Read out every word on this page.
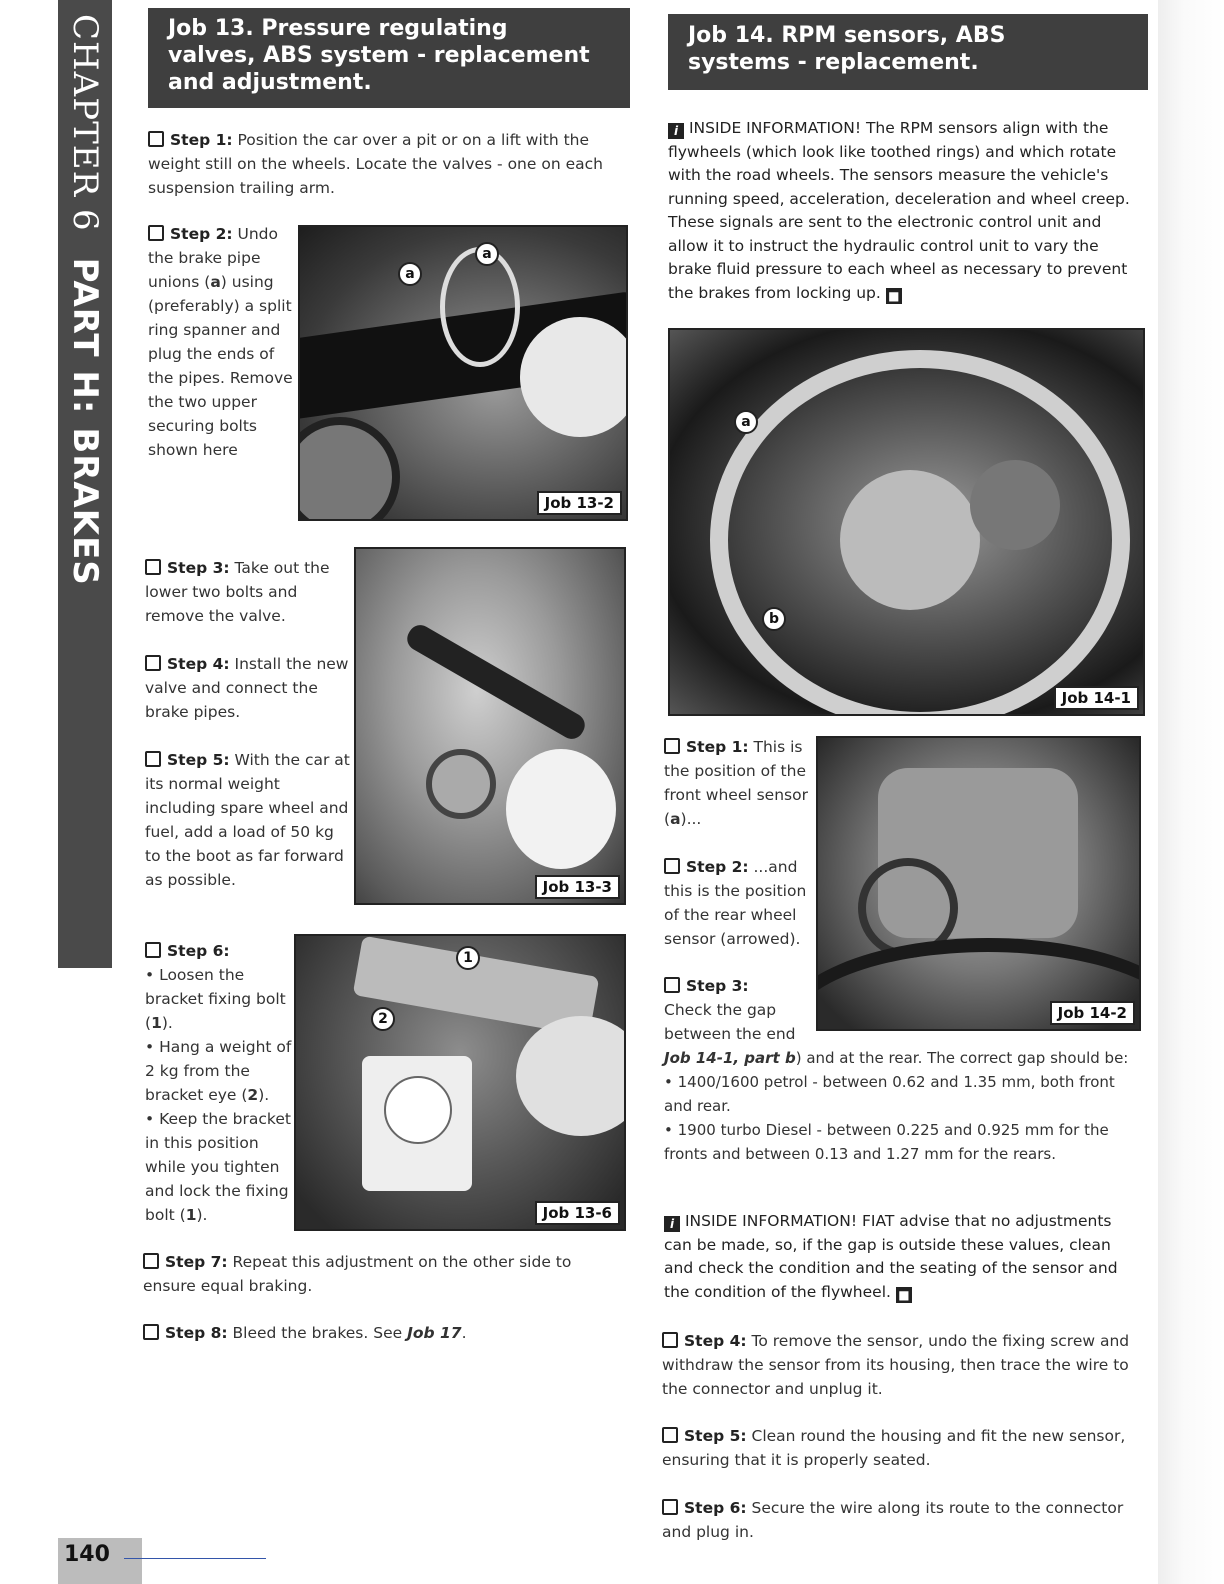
CHAPTER 6
PART H: BRAKES
Job 13. Pressure regulating
valves, ABS system - replacement
and adjustment.
Step 1: Position the car over a pit or on a lift with the weight still on the wheels. Locate the valves - one on each suspension trailing arm.
Step 2: Undo
the brake pipe
unions (a) using
(preferably) a split
ring spanner and
plug the ends of
the pipes. Remove
the two upper
securing bolts
shown here
a
a
Job 13-2
Step 3: Take out the lower two bolts and remove the valve.
Step 4: Install the new valve and connect the brake pipes.
Step 5: With the car at its normal weight including spare wheel and fuel, add a load of 50 kg to the boot as far forward as possible.	Job 13-3
Step 6:
• Loosen the bracket fixing bolt (1).
• Hang a weight of 2 kg from the bracket eye (2).
• Keep the bracket in this position while you tighten and lock the fixing bolt (1).
1
2
Job 13-6
Step 7: Repeat this adjustment on the other side to ensure equal braking.
Step 8: Bleed the brakes. See Job 17.
Job 14. RPM sensors, ABS
systems - replacement.
i INSIDE INFORMATION! The RPM sensors align with the flywheels (which look like toothed rings) and which rotate with the road wheels. The sensors measure the vehicle's running speed, acceleration, deceleration and wheel creep. These signals are sent to the electronic control unit and allow it to instruct the hydraulic control unit to vary the brake fluid pressure to each wheel as necessary to prevent the brakes from locking up. ■
a
b
Job 14-1
Step 1: This is the position of the front wheel sensor (a)...
Step 2: ...and this is the position of the rear wheel sensor (arrowed).
Job 14-2
Step 3:
Check the gap between the end
Job 14-1, part b) and at the rear. The correct gap should be:
• 1400/1600 petrol - between 0.62 and 1.35 mm, both front and rear.
• 1900 turbo Diesel - between 0.225 and 0.925 mm for the fronts and between 0.13 and 1.27 mm for the rears.
i INSIDE INFORMATION! FIAT advise that no adjustments can be made, so, if the gap is outside these values, clean and check the condition and the seating of the sensor and the condition of the flywheel. ■
Step 4: To remove the sensor, undo the fixing screw and withdraw the sensor from its housing, then trace the wire to the connector and unplug it.
Step 5: Clean round the housing and fit the new sensor, ensuring that it is properly seated.
Step 6: Secure the wire along its route to the connector and plug in.
140
